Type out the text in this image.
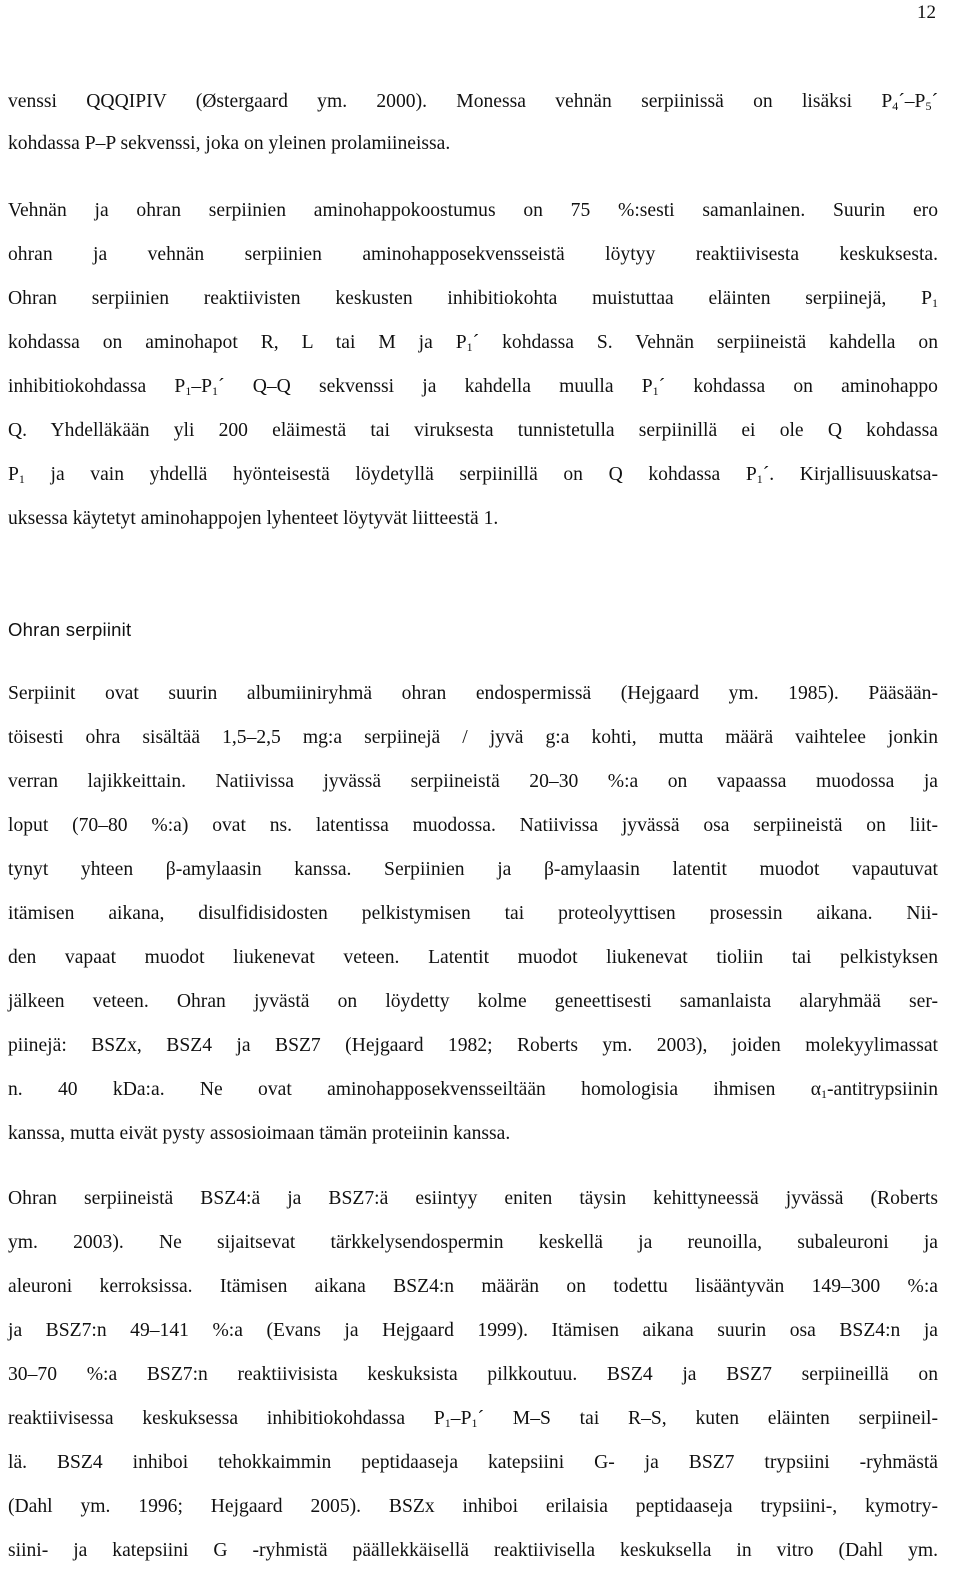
12

venssi QQQIPIV (Østergaard ym. 2000). Monessa vehnän serpiinissä on lisäksi $P_4´-P_5´$

kohdassa P–P sekvenssi, joka on yleinen prolamiineissa.

Vehnän ja ohran serpiinien aminohappokoostumus on 75 %:sesti samanlainen. Suurin ero

ohran ja vehnän serpiinien aminohapposekvensseistä löytyy reaktiivisesta keskuksesta.

Ohran serpiinien reaktiivisten keskusten inhibitiokohta muistuttaa eläinten serpiinejä, $P_1$

kohdassa on aminohapot R, L tai M ja $P_1´$ kohdassa S. Vehnän serpiineistä kahdella on

inhibitiokohdassa $P_1-P_1´$ Q–Q sekvenssi ja kahdella muulla $P_1´$ kohdassa on aminohappo

Q. Yhdelläkään yli 200 eläimestä tai viruksesta tunnistetulla serpiinillä ei ole Q kohdassa

$P_1$ ja vain yhdellä hyönteisestä löydetyllä serpiinillä on Q kohdassa $P_1´$. Kirjallisuuskatsa-

uksessa käytetyt aminohappojen lyhenteet löytyvät liitteestä 1.

Ohran serpiinit

Serpiinit ovat suurin albumiiniryhmä ohran endospermissä (Hejgaard ym. 1985). Pääsään-

töisesti ohra sisältää 1,5–2,5 mg:a serpiinejä / jyvä g:a kohti, mutta määrä vaihtelee jonkin

verran lajikkeittain. Natiivissa jyvässä serpiineistä 20–30 %:a on vapaassa muodossa ja

loput (70–80 %:a) ovat ns. latentissa muodossa. Natiivissa jyvässä osa serpiineistä on liit-

tynyt yhteen β-amylaasin kanssa. Serpiinien ja β-amylaasin latentit muodot vapautuvat

itämisen aikana, disulfidisidosten pelkistymisen tai proteolyyttisen prosessin aikana. Nii-

den vapaat muodot liukenevat veteen. Latentit muodot liukenevat tioliin tai pelkistyksen

jälkeen veteen. Ohran jyvästä on löydetty kolme geneettisesti samanlaista alaryhmää ser-

piinejä: BSZx, BSZ4 ja BSZ7 (Hejgaard 1982; Roberts ym. 2003), joiden molekyylimassat

n. 40 kDa:a. Ne ovat aminohapposekvensseiltään homologisia ihmisen $\alpha_1$-antitrypsiinin

kanssa, mutta eivät pysty assosioimaan tämän proteiinin kanssa.

Ohran serpiineistä BSZ4:ä ja BSZ7:ä esiintyy eniten täysin kehittyneessä jyvässä (Roberts

ym. 2003). Ne sijaitsevat tärkkelysendospermin keskellä ja reunoilla, subaleuroni ja

aleuroni kerroksissa. Itämisen aikana BSZ4:n määrän on todettu lisääntyvän 149–300 %:a

ja BSZ7:n 49–141 %:a (Evans ja Hejgaard 1999). Itämisen aikana suurin osa BSZ4:n ja

30–70 %:a BSZ7:n reaktiivisista keskuksista pilkkoutuu. BSZ4 ja BSZ7 serpiineillä on

reaktiivisessa keskuksessa inhibitiokohdassa $P_1-P_1´$ M–S tai R–S, kuten eläinten serpiineil-

lä. BSZ4 inhiboi tehokkaimmin peptidaaseja katepsiini G- ja BSZ7 trypsiini -ryhmästä

(Dahl ym. 1996; Hejgaard 2005). BSZx inhiboi erilaisia peptidaaseja trypsiini-, kymotry-

siini- ja katepsiini G -ryhmistä päällekkäisellä reaktiivisella keskuksella in vitro (Dahl ym.
